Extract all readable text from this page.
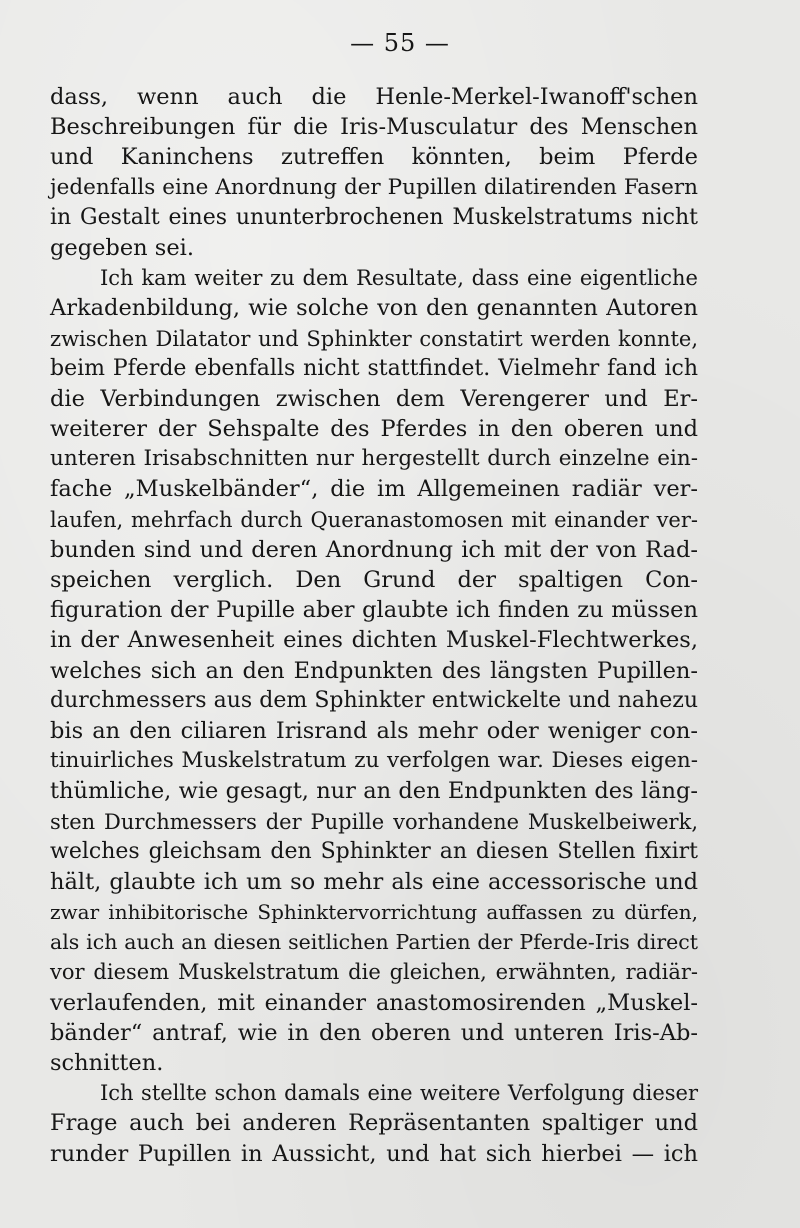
— 55 —
dass, wenn auch die Henle-Merkel-Iwanoff'schen
Beschreibungen für die Iris-Musculatur des Menschen
und Kaninchens zutreffen könnten, beim Pferde
jedenfalls eine Anordnung der Pupillen dilatirenden Fasern
in Gestalt eines ununterbrochenen Muskelstratums nicht
gegeben sei.
Ich kam weiter zu dem Resultate, dass eine eigentliche
Arkadenbildung, wie solche von den genannten Autoren
zwischen Dilatator und Sphinkter constatirt werden konnte,
beim Pferde ebenfalls nicht stattfindet. Vielmehr fand ich
die Verbindungen zwischen dem Verengerer und Er-
weiterer der Sehspalte des Pferdes in den oberen und
unteren Irisabschnitten nur hergestellt durch einzelne ein-
fache „Muskelbänder“, die im Allgemeinen radiär ver-
laufen, mehrfach durch Queranastomosen mit einander ver-
bunden sind und deren Anordnung ich mit der von Rad-
speichen verglich. Den Grund der spaltigen Con-
figuration der Pupille aber glaubte ich finden zu müssen
in der Anwesenheit eines dichten Muskel-Flechtwerkes,
welches sich an den Endpunkten des längsten Pupillen-
durchmessers aus dem Sphinkter entwickelte und nahezu
bis an den ciliaren Irisrand als mehr oder weniger con-
tinuirliches Muskelstratum zu verfolgen war. Dieses eigen-
thümliche, wie gesagt, nur an den Endpunkten des läng-
sten Durchmessers der Pupille vorhandene Muskelbeiwerk,
welches gleichsam den Sphinkter an diesen Stellen fixirt
hält, glaubte ich um so mehr als eine accessorische und
zwar inhibitorische Sphinktervorrichtung auffassen zu dürfen,
als ich auch an diesen seitlichen Partien der Pferde-Iris direct
vor diesem Muskelstratum die gleichen, erwähnten, radiär-
verlaufenden, mit einander anastomosirenden „Muskel-
bänder“ antraf, wie in den oberen und unteren Iris-Ab-
schnitten.
Ich stellte schon damals eine weitere Verfolgung dieser
Frage auch bei anderen Repräsentanten spaltiger und
runder Pupillen in Aussicht, und hat sich hierbei — ich
